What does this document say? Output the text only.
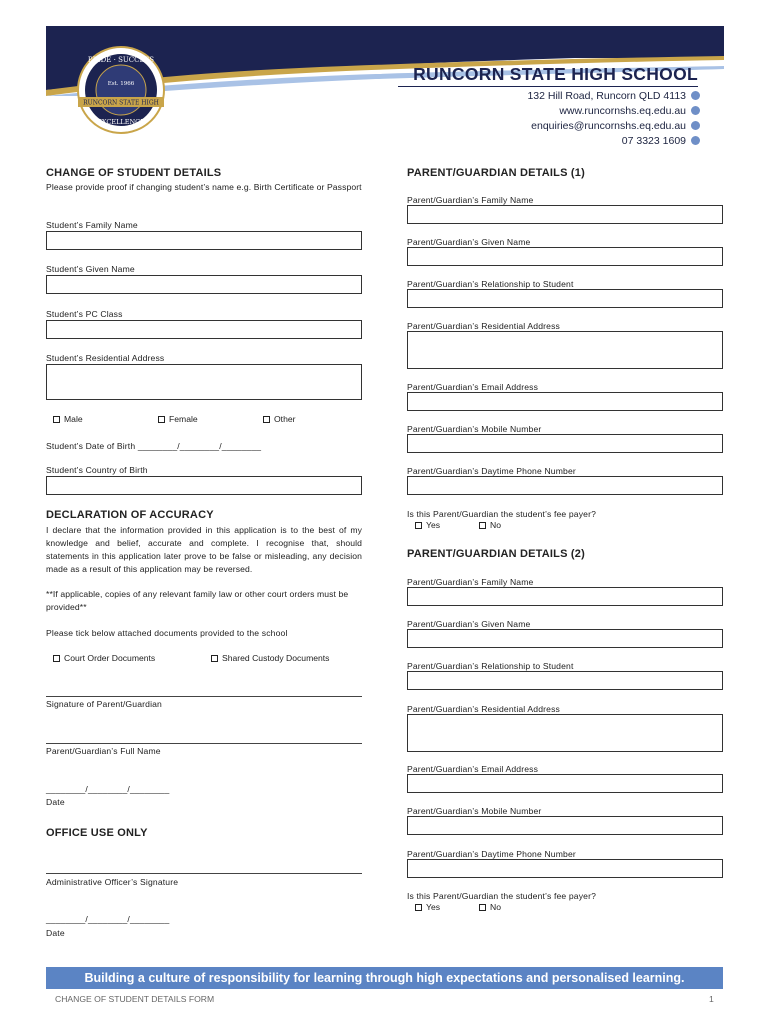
PRIDE · SUCCESS
Est. 1966
RUNCORN STATE HIGH
EXCELLENCE
RUNCORN STATE HIGH SCHOOL
132 Hill Road, Runcorn QLD 4113
www.runcornshs.eq.edu.au
enquiries@runcornshs.eq.edu.au
07 3323 1609
CHANGE OF STUDENT DETAILS
Please provide proof if changing student’s name e.g. Birth Certificate or Passport
Student’s Family Name
Student’s Given Name
Student’s PC Class
Student’s Residential Address
Male	Female	Other
Student’s Date of Birth ________/________/________
Student’s Country of Birth
DECLARATION OF ACCURACY
I declare that the information provided in this application is to the best of my knowledge and belief, accurate and complete. I recognise that, should statements in this application later prove to be false or misleading, any decision made as a result of this application may be reversed.
**If applicable, copies of any relevant family law or other court orders must be provided**
Please tick below attached documents provided to the school
Court Order Documents	Shared Custody Documents
Signature of Parent/Guardian
Parent/Guardian’s Full Name
________/________/________
Date
OFFICE USE ONLY
Administrative Officer’s Signature
________/________/________
Date
PARENT/GUARDIAN DETAILS (1)
Parent/Guardian’s Family Name
Parent/Guardian’s Given Name
Parent/Guardian’s Relationship to Student
Parent/Guardian’s Residential Address
Parent/Guardian’s Email Address
Parent/Guardian’s Mobile Number
Parent/Guardian’s Daytime Phone Number
Is this Parent/Guardian the student’s fee payer?
Yes	No
PARENT/GUARDIAN DETAILS (2)
Parent/Guardian’s Family Name
Parent/Guardian’s Given Name
Parent/Guardian’s Relationship to Student
Parent/Guardian’s Residential Address
Parent/Guardian’s Email Address
Parent/Guardian’s Mobile Number
Parent/Guardian’s Daytime Phone Number
Is this Parent/Guardian the student’s fee payer?
Yes	No
Building a culture of responsibility for learning through high expectations and personalised learning.
CHANGE OF STUDENT DETAILS FORM	1
